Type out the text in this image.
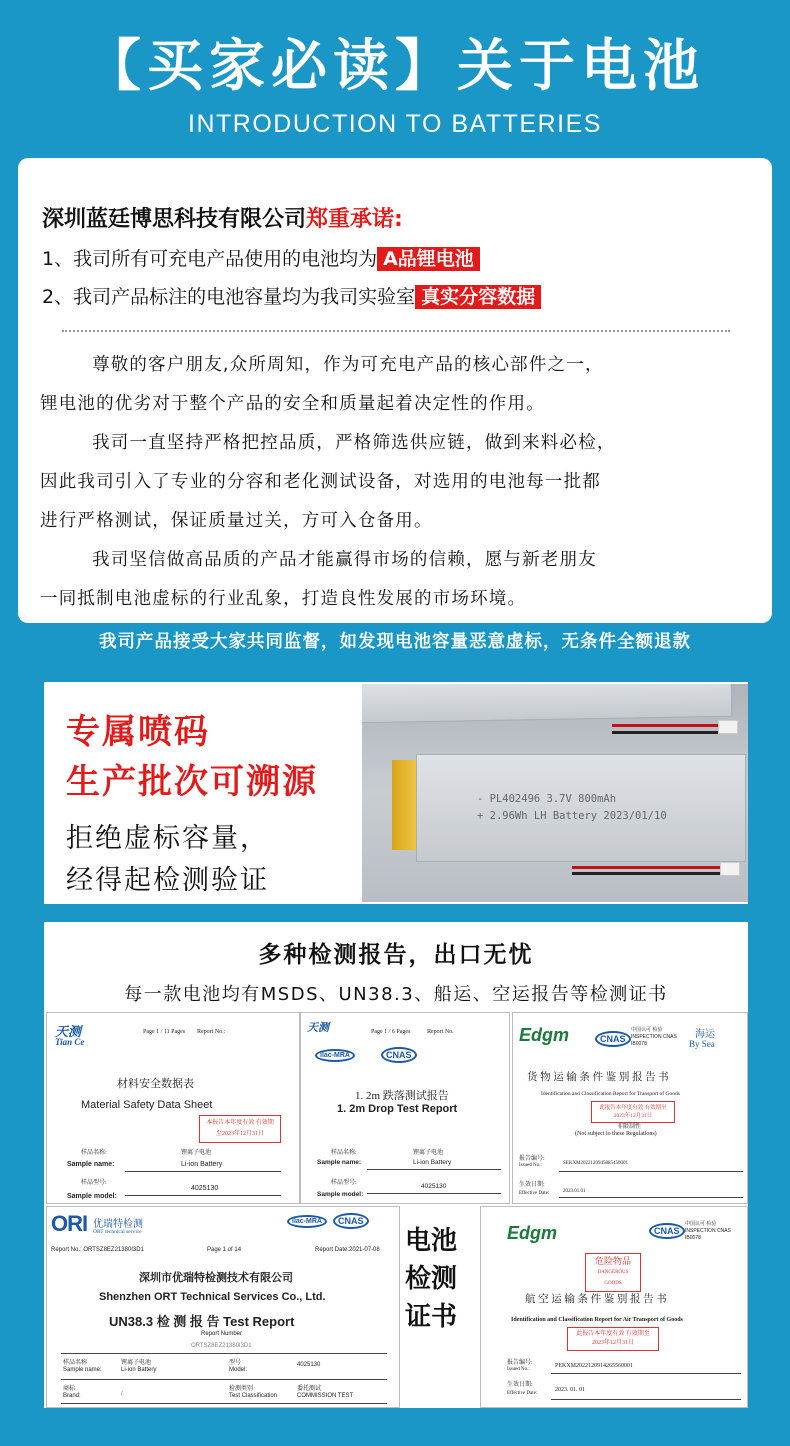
【买家必读】关于电池
INTRODUCTION TO BATTERIES
深圳蓝廷博思科技有限公司郑重承诺:
1、我司所有可充电产品使用的电池均为 A品锂电池
2、我司产品标注的电池容量均为我司实验室 真实分容数据
尊敬的客户朋友,众所周知，作为可充电产品的核心部件之一，
锂电池的优劣对于整个产品的安全和质量起着决定性的作用。
我司一直坚持严格把控品质，严格筛选供应链，做到来料必检，
因此我司引入了专业的分容和老化测试设备，对选用的电池每一批都
进行严格测试，保证质量过关，方可入仓备用。
我司坚信做高品质的产品才能赢得市场的信赖，愿与新老朋友
一同抵制电池虚标的行业乱象，打造良性发展的市场环境。
我司产品接受大家共同监督，如发现电池容量恶意虚标，无条件全额退款
专属喷码
生产批次可溯源
拒绝虚标容量，
经得起检测验证
- PL402496 3.7V 800mAh
+ 2.96Wh LH Battery 2023/01/10
多种检测报告，出口无忧
每一款电池均有MSDS、UN38.3、船运、空运报告等检测证书
天测
Tian Ce
Page 1 / 11 Pages Report No.:
材料安全数据表
Material Safety Data Sheet
本报告本年度有效 有效期至2023年12月31日
样品名称:
Sample name:
锂离子电池
Li-ion Battery
样品型号:
Sample model:
4025130
天测	Page 1 / 6 Pages	Report No.
ilac-MRA	CNAS
1. 2m 跌落测试报告
1. 2m Drop Test Report
样品名称:
Sample name:
锂离子电池
Li-ion Battery
样品型号:
Sample model:
4025130
Edgm	CNAS
中国认可 检验 INSPECTION CNAS IB0078
海运
By Sea
货 物 运 输 条 件 鉴 别 报 告 书
Identification and Classification Report for Transport of Goods
此报告本年度有效 有效期至2023年12月31日
非限制性
(Not subject to these Regulations)
报告编号:
Issued No.:	SEKXM2022120945885450001
生效日期:
Effective Date:	2023.01.01
ORI 优瑞特检测
ORT technical service
ilac-MRA	CNAS
Report No.: ORTSZ8EZ21380I3D1	Page 1 of 14	Report Date:2021-07-08
深圳市优瑞特检测技术有限公司
Shenzhen ORT Technical Services Co., Ltd.
UN38.3 检 测 报 告 Test Report
Report Number
ORTSZ8EZ21380I3D1
样品名称
Sample name:
锂离子电池
Li-ion Battery
型号
Model:
4025130
商标
Brand:	/
检测类别
Test Classification
委托测试
COMMISSION TEST
电池检测证书
Edgm	CNAS
中国认可 检验 INSPECTION CNAS IB0078
危险物品
DANGEROUS GOODS
航 空 运 输 条 件 鉴 别 报 告 书
Identification and Classification Report for Air Transport of Goods
此报告本年度有效 有效期至2023年12月31日
报告编号:
Issued No.:
PEKXM2022120914265560001
生效日期:
Effective Date:
2023. 01. 01
